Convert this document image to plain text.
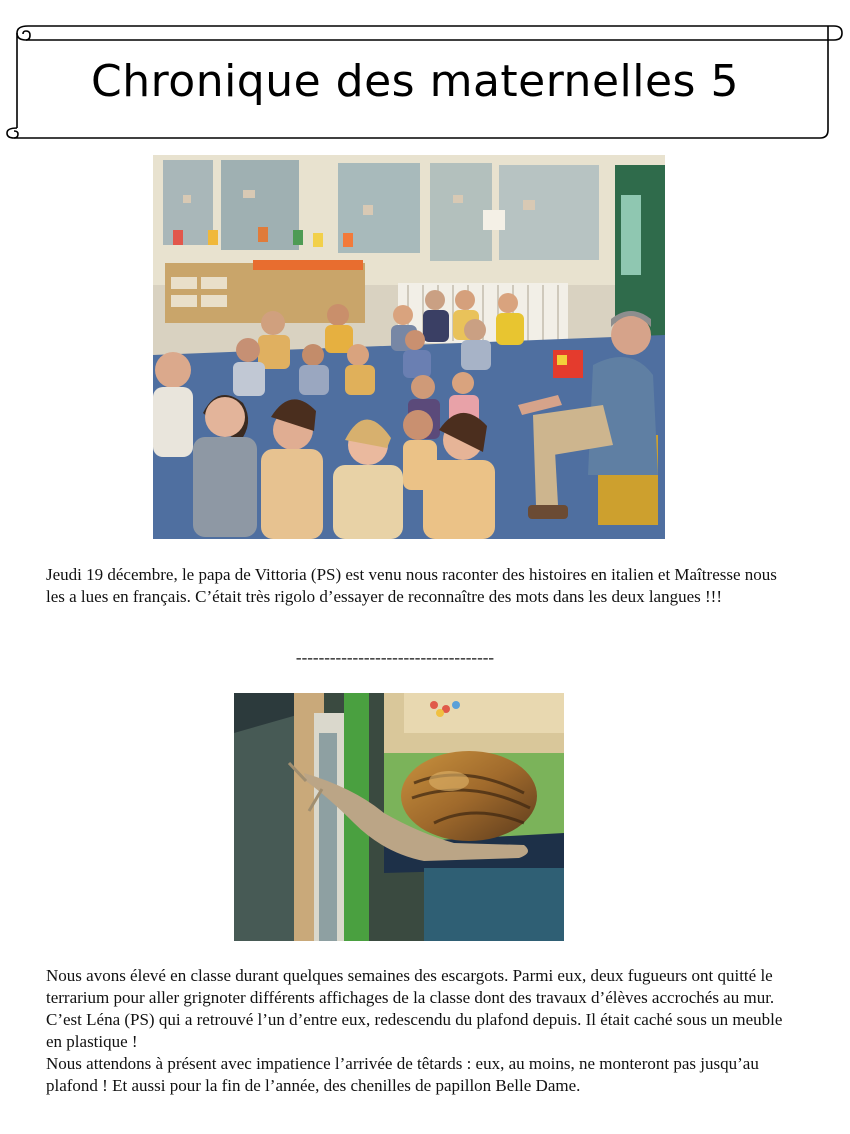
Chronique des maternelles 5

Jeudi 19 décembre, le papa de Vittoria (PS) est venu nous raconter des histoires en italien et Maîtresse nous les a lues en français. C’était très rigolo d’essayer de reconnaître des mots dans les deux langues !!!

-----------------------------------

Nous avons élevé en classe durant quelques semaines des escargots. Parmi eux, deux fugueurs ont quitté le terrarium pour aller grignoter différents affichages de la classe dont des travaux d’élèves accrochés au mur. C’est Léna (PS) qui a retrouvé l’un d’entre eux, redescendu du plafond depuis. Il était caché sous un meuble en plastique !

Nous attendons à présent avec impatience l’arrivée de têtards : eux, au moins, ne monteront pas jusqu’au plafond ! Et aussi pour la fin de l’année, des chenilles de papillon Belle Dame.
